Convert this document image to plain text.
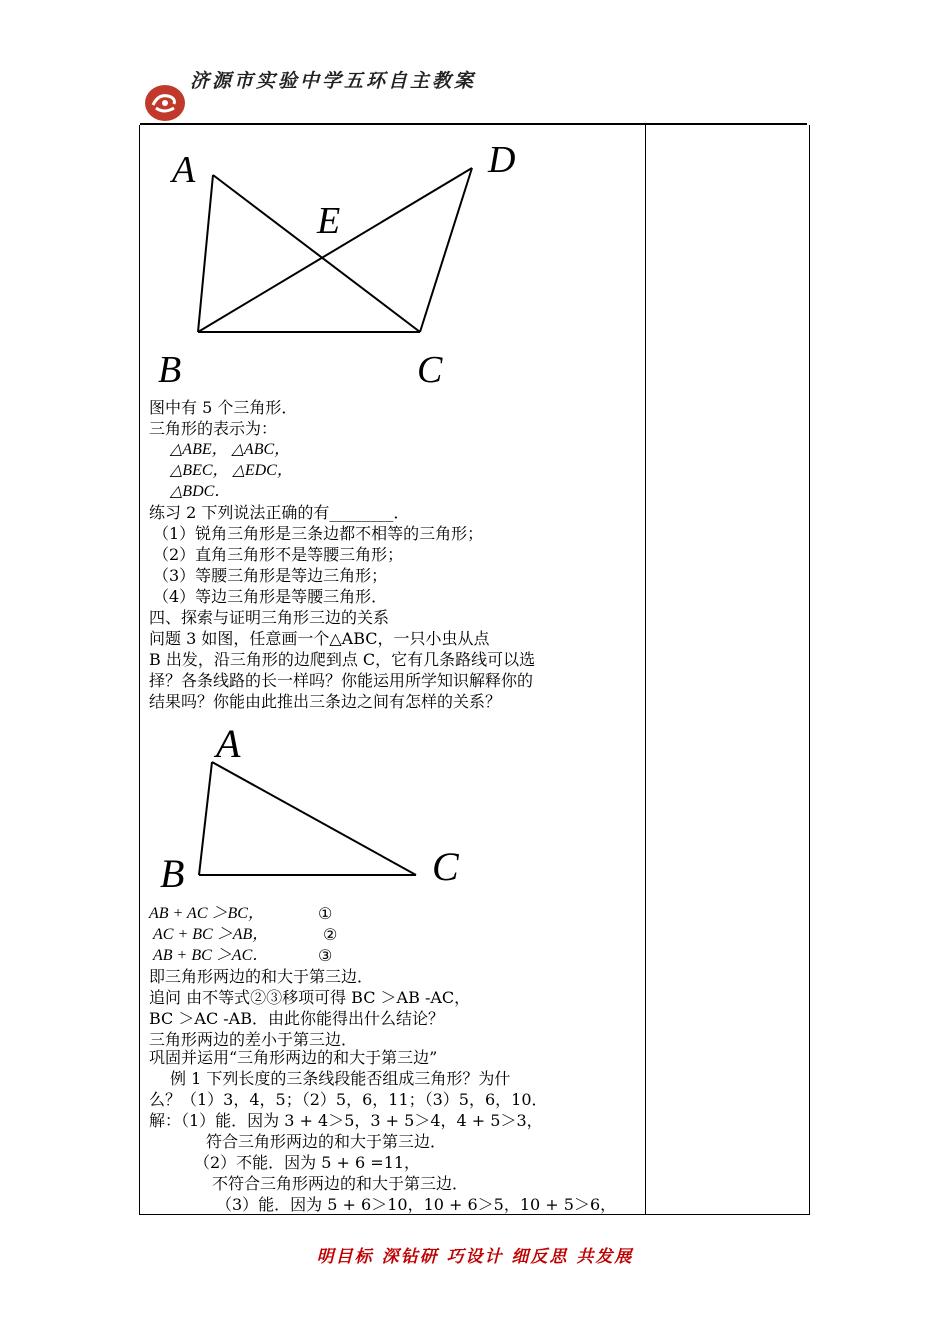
济源市实验中学五环自主教案
A	D
E
B	C
图中有 5 个三角形．
三角形的表示为：
△ABE， △ABC，
△BEC， △EDC，
△BDC．
练习 2 下列说法正确的有________．
（1）锐角三角形是三条边都不相等的三角形；
（2）直角三角形不是等腰三角形；
（3）等腰三角形是等边三角形；
（4）等边三角形是等腰三角形．
四、探索与证明三角形三边的关系
问题 3 如图，任意画一个△ABC，一只小虫从点
B 出发，沿三角形的边爬到点 C，它有几条路线可以选
择？各条线路的长一样吗？你能运用所学知识解释你的
结果吗？你能由此推出三条边之间有怎样的关系？
A
B	C
AB + AC ＞BC，	①
AC + BC ＞AB，	②
AB + BC ＞AC．	③
即三角形两边的和大于第三边．
追问 由不等式②③移项可得 BC ＞AB -AC，
BC ＞AC -AB．由此你能得出什么结论？
三角形两边的差小于第三边．
巩固并运用“三角形两边的和大于第三边”
例 1 下列长度的三条线段能否组成三角形？为什
么？（1）3，4，5；（2）5，6，11；（3）5，6，10．
解：（1）能．因为 3 + 4＞5，3 + 5＞4，4 + 5＞3，
符合三角形两边的和大于第三边．
（2）不能．因为 5 + 6 =11，
不符合三角形两边的和大于第三边．
（3）能．因为 5 + 6＞10，10 + 6＞5，10 + 5＞6，
明目标 深钻研 巧设计 细反思 共发展
